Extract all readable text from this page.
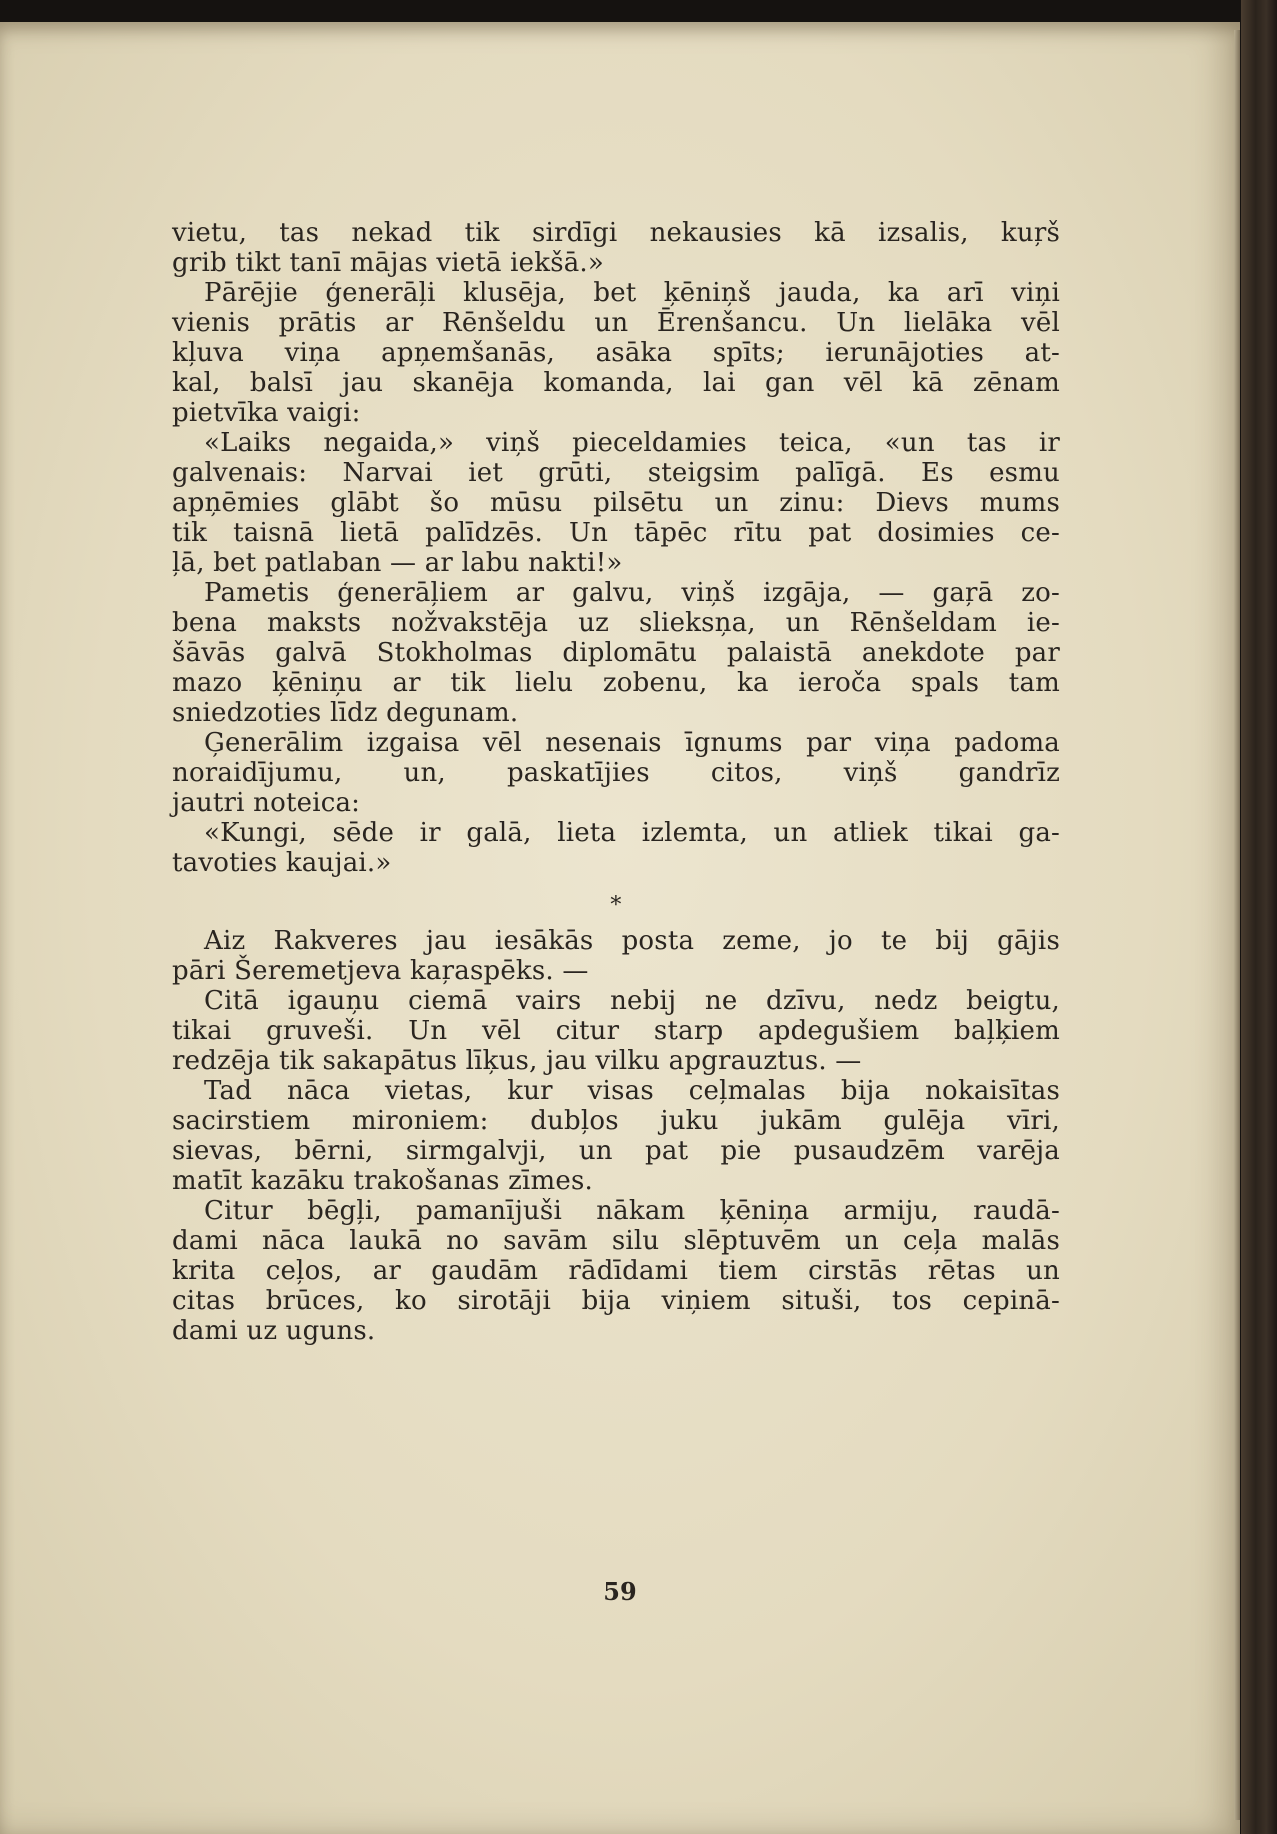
vietu, tas nekad tik sirdīgi nekausies kā izsalis, kuŗš
grib tikt tanī mājas vietā iekšā.»
Pārējie ģenerāļi klusēja, bet ķēniņš jauda, ka arī viņi
vienis prātis ar Rēnšeldu un Ērenšancu. Un lielāka vēl
kļuva viņa apņemšanās, asāka spīts; ierunājoties at-
kal, balsī jau skanēja komanda, lai gan vēl kā zēnam
pietvīka vaigi:
«Laiks negaida,» viņš pieceldamies teica, «un tas ir
galvenais: Narvai iet grūti, steigsim palīgā. Es esmu
apņēmies glābt šo mūsu pilsētu un zinu: Dievs mums
tik taisnā lietā palīdzēs. Un tāpēc rītu pat dosimies ce-
ļā, bet patlaban — ar labu nakti!»
Pametis ģenerāļiem ar galvu, viņš izgāja, — gaŗā zo-
bena maksts nožvakstēja uz slieksņa, un Rēnšeldam ie-
šāvās galvā Stokholmas diplomātu palaistā anekdote par
mazo ķēniņu ar tik lielu zobenu, ka ieroča spals tam
sniedzoties līdz degunam.
Ģenerālim izgaisa vēl nesenais īgnums par viņa padomа
noraidījumu, un, paskatījies citos, viņš gandrīz
jautri noteica:
«Kungi, sēde ir galā, lieta izlemta, un atliek tikai ga-
tavoties kaujai.»
*
Aiz Rakveres jau iesākās posta zeme, jo te bij gājis
pāri Šeremetjeva kaŗaspēks. —
Citā igauņu ciemā vairs nebij ne dzīvu, nedz beigtu,
tikai gruveši. Un vēl citur starp apdegušiem baļķiem
redzēja tik sakapātus līķus, jau vilku apgrauztus. —
Tad nāca vietas, kur visas ceļmalas bija nokaisītas
sacirstiem mironiem: dubļos juku jukām gulēja vīri,
sievas, bērni, sirmgalvji, un pat pie pusaudzēm varēja
matīt kazāku trakošanas zīmes.
Citur bēgļi, pamanījuši nākam ķēniņa armiju, raudā-
dami nāca laukā no savām silu slēptuvēm un ceļa malās
krita ceļos, ar gaudām rādīdami tiem cirstās rētas un
citas brūces, ko sirotāji bija viņiem situši, tos cepinā-
dami uz uguns.
59
